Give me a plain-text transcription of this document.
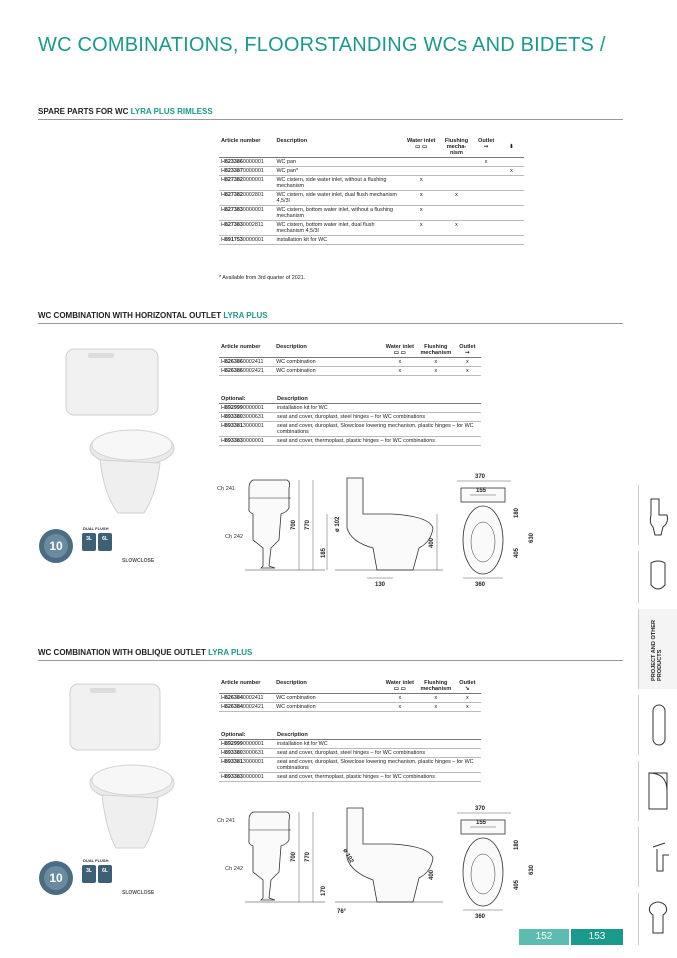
WC COMBINATIONS, FLOORSTANDING WCs AND BIDETS /
SPARE PARTS FOR WC LYRA PLUS RIMLESS
Article number	Description	Water inlet
▭ ▭	Flushing mecha-nism	Outlet
➞	⬇
H8233860000001	WC pan			x	
H8233870000001	WC pan*				x
H8273820000001	WC cistern, side water inlet, without a flushing mechanism	x			
H8273820002801	WC cistern, side water inlet, dual flush mechanism 4,5/3l	x	x		
H8273830000001	WC cistern, bottom water inlet, without a flushing mechanism	x			
H8273830002811	WC cistern, bottom water inlet, dual flush mechanism 4,5/3l	x	x		
H8917530000001	installation kit for WC				
* Available from 3rd quarter of 2021.
WC COMBINATION WITH HORIZONTAL OUTLET LYRA PLUS
10
DUAL FLUSH
3L 6L
SLOWCLOSE
Article number	Description	Water inlet
▭ ▭	Flushing mechanism	Outlet
➞
H8263860002411	WC combination	x	x	x
H8263860002421	WC combination	x	x	x
Optional:	Description
H8929990000001	installation kit for WC
H8933803000631	seat and cover, duroplast, steel hinges – for WC combinations
H8933813000001	seat and cover, duroplast, Slowclose lowering mechanism, plastic hinges – for WC combinations
H8933830000001	seat and cover, thermoplast, plastic hinges – for WC combinations
Ch 241
Ch 242
700 770
185
ø 102
130
400
370
155
180
630
405
360
WC COMBINATION WITH OBLIQUE OUTLET LYRA PLUS
10
DUAL FLUSH
3L 6L
SLOWCLOSE
Article number	Description	Water inlet
▭ ▭	Flushing mechanism	Outlet
➘
H8263840002411	WC combination	x	x	x
H8263840002421	WC combination	x	x	x
Optional:	Description
H8929990000001	installation kit for WC
H8933803000631	seat and cover, duroplast, steel hinges – for WC combinations
H8933813000001	seat and cover, duroplast, Slowclose lowering mechanism, plastic hinges – for WC combinations
H8933830000001	seat and cover, thermoplast, plastic hinges – for WC combinations
Ch 241
Ch 242
700 770
170
ø 102
76°
400
370
155
180
630
405
360
PROJECT AND OTHER PRODUCTS
152	153
